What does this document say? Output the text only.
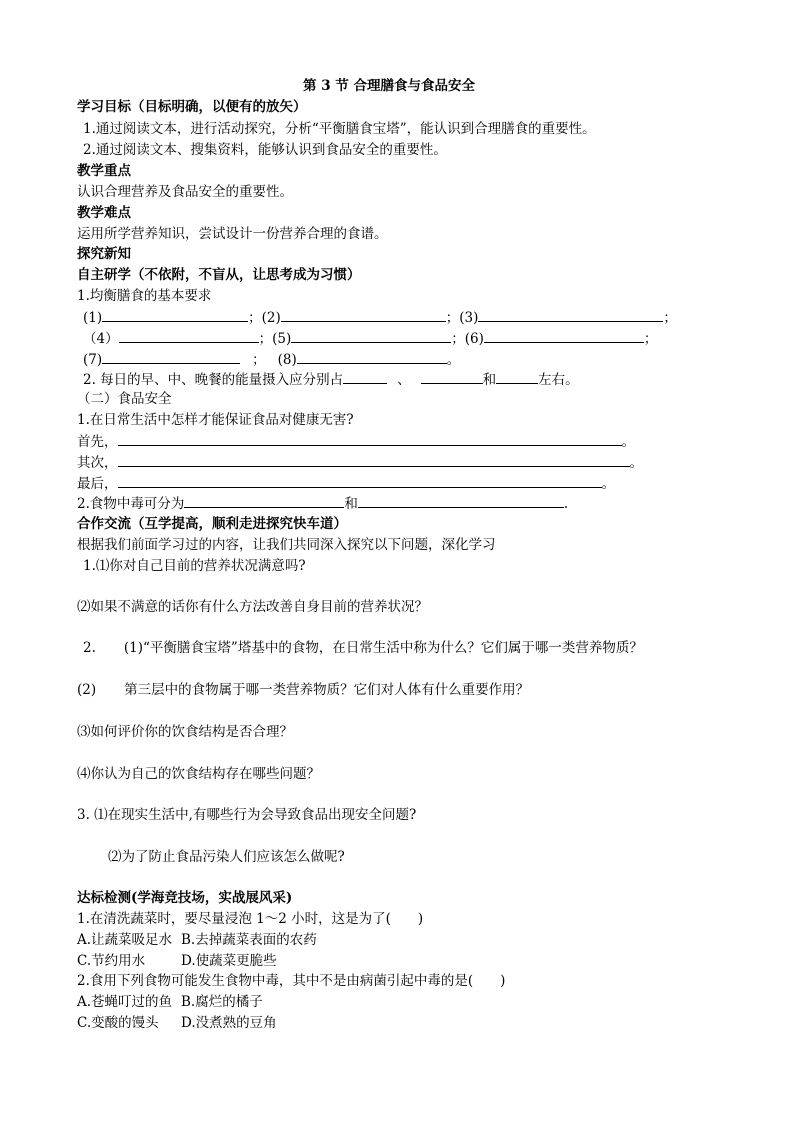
第 3 节 合理膳食与食品安全
学习目标（目标明确，以便有的放矢）
1.通过阅读文本，进行活动探究，分析“平衡膳食宝塔”，能认识到合理膳食的重要性。
2.通过阅读文本、搜集资料，能够认识到食品安全的重要性。
教学重点
认识合理营养及食品安全的重要性。
教学难点
运用所学营养知识，尝试设计一份营养合理的食谱。
探究新知
自主研学（不依附，不盲从，让思考成为习惯）
1.均衡膳食的基本要求
(1)	；(2)	；(3)	；
（4）	；(5)	；(6)	；
(7)	； (8)	。
2. 每日的早、中、晚餐的能量摄入应分别占	、	和	左右。
（二）食品安全
1.在日常生活中怎样才能保证食品对健康无害?
首先，	。
其次，	。
最后，	。
2.食物中毒可分为	和	.
合作交流（互学提高，顺利走进探究快车道）
根据我们前面学习过的内容，让我们共同深入探究以下问题，深化学习
1.⑴你对自己目前的营养状况满意吗?
⑵如果不满意的话你有什么方法改善自身目前的营养状况？
2. (1)“平衡膳食宝塔”塔基中的食物，在日常生活中称为什么？它们属于哪一类营养物质？
(2) 第三层中的食物属于哪一类营养物质？它们对人体有什么重要作用？
⑶如何评价你的饮食结构是否合理？
⑷你认为自己的饮食结构存在哪些问题？
3. ⑴在现实生活中,有哪些行为会导致食品出现安全问题?
⑵为了防止食品污染人们应该怎么做呢?
达标检测(学海竞技场，实战展风采)
1.在清洗蔬菜时，要尽量浸泡 1～2 小时，这是为了(　　)
A.让蔬菜吸足水 B.去掉蔬菜表面的农药
C.节约用水	D.使蔬菜更脆些
2.食用下列食物可能发生食物中毒，其中不是由病菌引起中毒的是(　　)
A.苍蝇叮过的鱼 B.腐烂的橘子
C.变酸的馒头 D.没煮熟的豆角
